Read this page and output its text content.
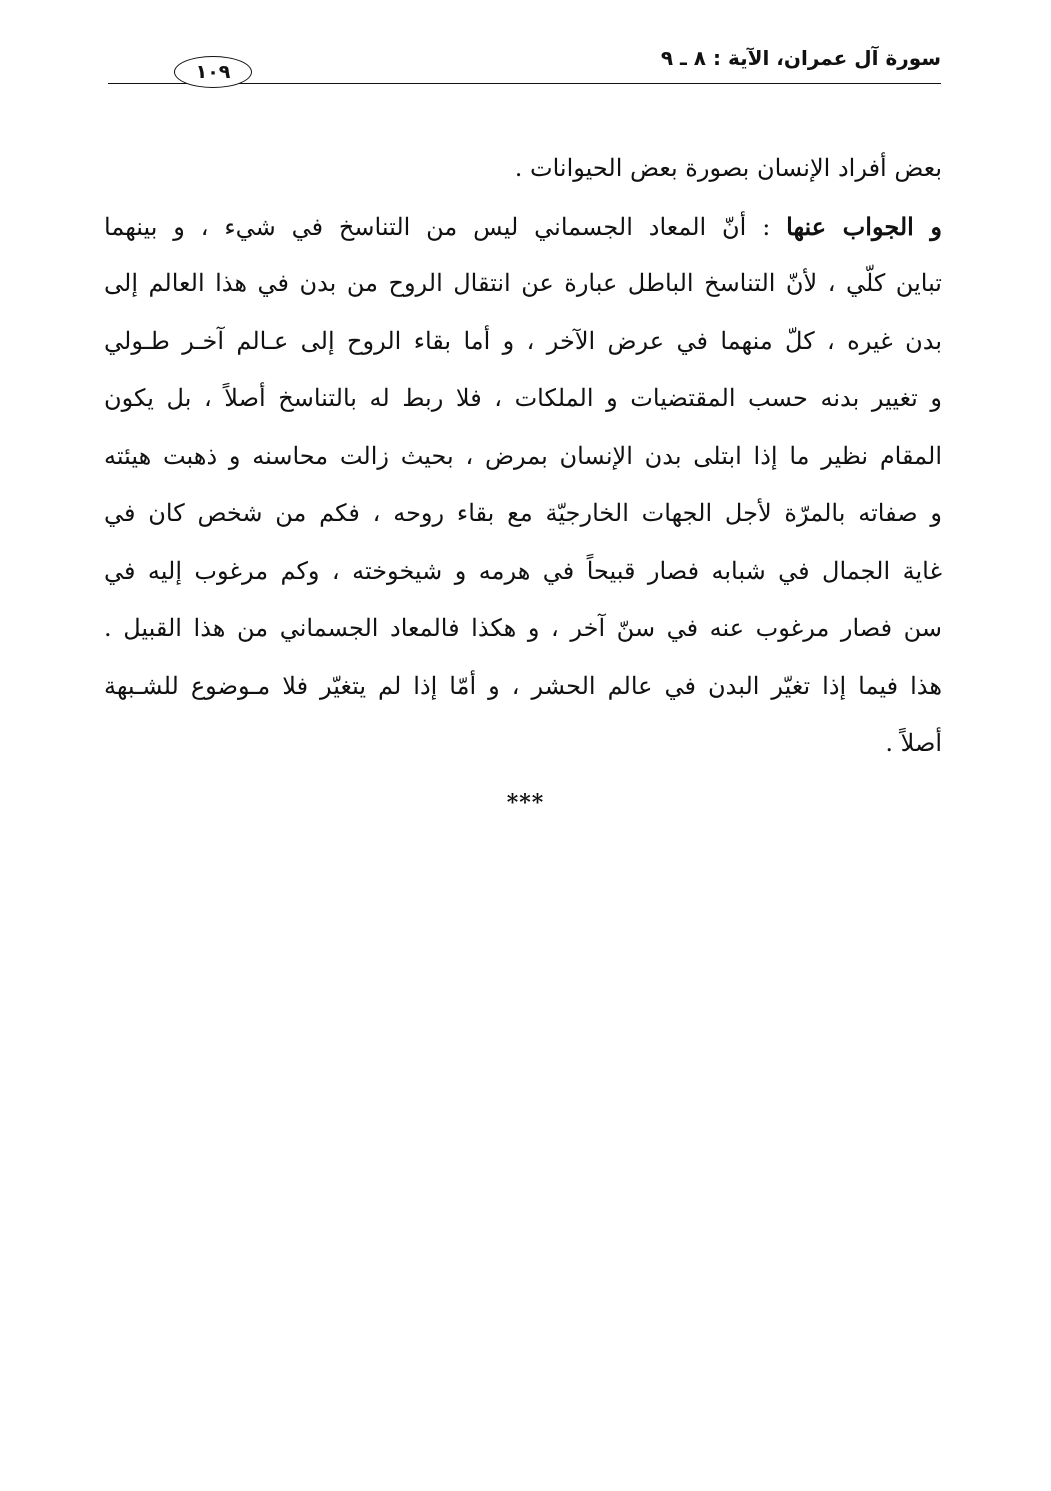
سورة آل عمران، الآية : ٨ ـ ٩
١٠٩
بعض أفراد الإنسان بصورة بعض الحيوانات .
و الجواب عنها : أنّ المعاد الجسماني ليس من التناسخ في شيء ، و بينهما
تباين كلّي ، لأنّ التناسخ الباطل عبارة عن انتقال الروح من بدن في هذا العالم إلى
بدن غيره ، كلّ منهما في عرض الآخر ، و أما بقاء الروح إلى عـالم آخـر طـولي
و تغيير بدنه حسب المقتضيات و الملكات ، فلا ربط له بالتناسخ أصلاً ، بل يكون
المقام نظير ما إذا ابتلى بدن الإنسان بمرض ، بحيث زالت محاسنه و ذهبت هيئته
و صفاته بالمرّة لأجل الجهات الخارجيّة مع بقاء روحه ، فكم من شخص كان في
غاية الجمال في شبابه فصار قبيحاً في هرمه و شيخوخته ، وكم مرغوب إليه في
سن فصار مرغوب عنه في سنّ آخر ، و هكذا فالمعاد الجسماني من هذا القبيل .
هذا فيما إذا تغيّر البدن في عالم الحشر ، و أمّا إذا لم يتغيّر فلا مـوضوع للشـبهة
أصلاً .
***
